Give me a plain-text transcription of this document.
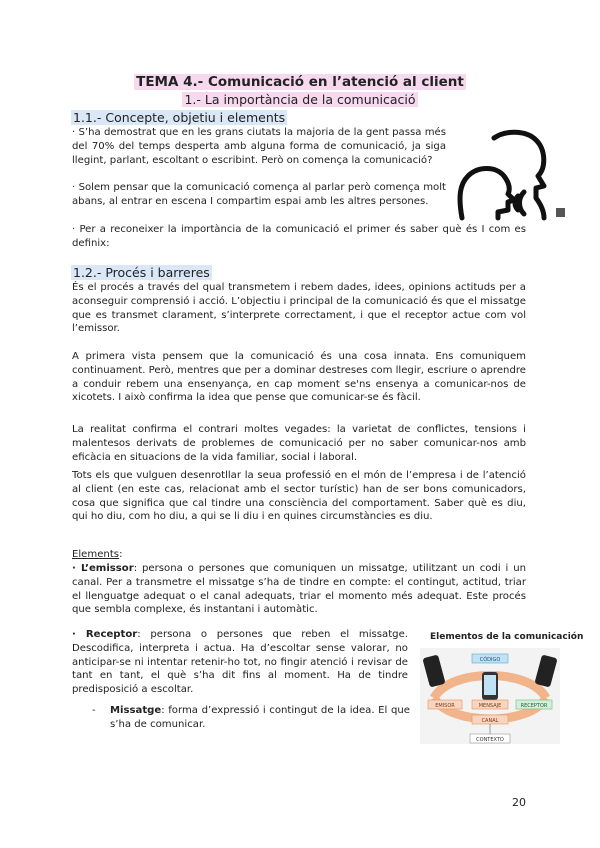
TEMA 4.- Comunicació en l’atenció al client
1.- La importància de la comunicació
1.1.- Concepte, objetiu i elements
· S’ha demostrat que en les grans ciutats la majoria de la gent passa més del 70% del temps desperta amb alguna forma de comunicació, ja siga llegint, parlant, escoltant o escribint. Però on comença la comunicació?
· Solem pensar que la comunicació comença al parlar però comença molt abans, al entrar en escena I compartim espai amb les altres persones.
· Per a reconeixer la importància de la comunicació el primer és saber què és I com es definix:
1.2.- Procés i barreres
És el procés a través del qual transmetem i rebem dades, idees, opinions actituds per a aconseguir comprensió i acció. L’objectiu i principal de la comunicació és que el missatge que es transmet clarament, s’interprete correctament, i que el receptor actue com vol l’emissor.
A primera vista pensem que la comunicació és una cosa innata. Ens comuniquem continuament. Però, mentres que per a dominar destreses com llegir, escriure o aprendre a conduir rebem una ensenyança, en cap moment se'ns ensenya a comunicar-nos de xicotets. I això confirma la idea que pense que comunicar-se és fàcil.
La realitat confirma el contrari moltes vegades: la varietat de conflictes, tensions i malentesos derivats de problemes de comunicació per no saber comunicar-nos amb eficàcia en situacions de la vida familiar, social i laboral.
Tots els que vulguen desenrotllar la seua professió en el món de l’empresa i de l’atenció al client (en este cas, relacionat amb el sector turístic) han de ser bons comunicadors, cosa que significa que cal tindre una consciència del comportament. Saber què es diu, qui ho diu, com ho diu, a qui se li diu i en quines circumstàncies es diu.
Elements:
· L’emissor: persona o persones que comuniquen un missatge, utilitzant un codi i un canal. Per a transmetre el missatge s’ha de tindre en compte: el contingut, actitud, triar el llenguatge adequat o el canal adequats, triar el momento més adequat. Este procés que sembla complexe, és instantani i automàtic.
· Receptor: persona o persones que reben el missatge. Descodifica, interpreta i actua. Ha d’escoltar sense valorar, no anticipar-se ni intentar retenir-ho tot, no fingir atenció i revisar de tant en tant, el què s’ha dit fins al moment. Ha de tindre predisposició a escoltar.
-	Missatge: forma d’expressió i contingut de la idea. El que s’ha de comunicar.
Elementos de la comunicación
CÓDIGO
EMISOR	MENSAJE	RECEPTOR
CANAL
CONTEXTO
20
